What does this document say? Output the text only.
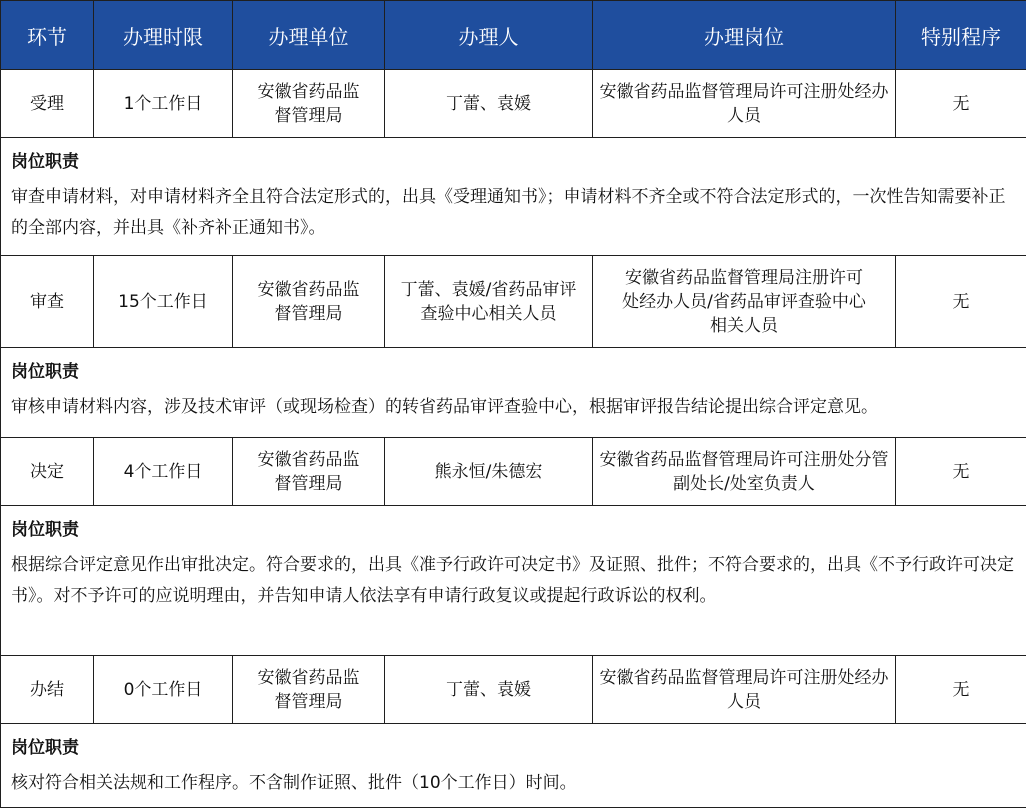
环节	办理时限	办理单位	办理人	办理岗位	特别程序
受理	1个工作日	安徽省药品监督管理局	丁蕾、袁媛	安徽省药品监督管理局许可注册处经办人员	无

岗位职责
审查申请材料，对申请材料齐全且符合法定形式的，出具《受理通知书》；申请材料不齐全或不符合法定形式的，一次性告知需要补正的全部内容，并出具《补齐补正通知书》。					

审查	15个工作日	安徽省药品监督管理局	丁蕾、袁媛/省药品审评查验中心相关人员	安徽省药品监督管理局注册许可处经办人员/省药品审评查验中心相关人员	无

岗位职责
审核申请材料内容，涉及技术审评（或现场检查）的转省药品审评查验中心，根据审评报告结论提出综合评定意见。					

决定	4个工作日	安徽省药品监督管理局	熊永恒/朱德宏	安徽省药品监督管理局许可注册处分管副处长/处室负责人	无

岗位职责
根据综合评定意见作出审批决定。符合要求的，出具《准予行政许可决定书》及证照、批件；不符合要求的，出具《不予行政许可决定书》。对不予许可的应说明理由，并告知申请人依法享有申请行政复议或提起行政诉讼的权利。					

办结	0个工作日	安徽省药品监督管理局	丁蕾、袁媛	安徽省药品监督管理局许可注册处经办人员	无

岗位职责
核对符合相关法规和工作程序。不含制作证照、批件（10个工作日）时间。					
